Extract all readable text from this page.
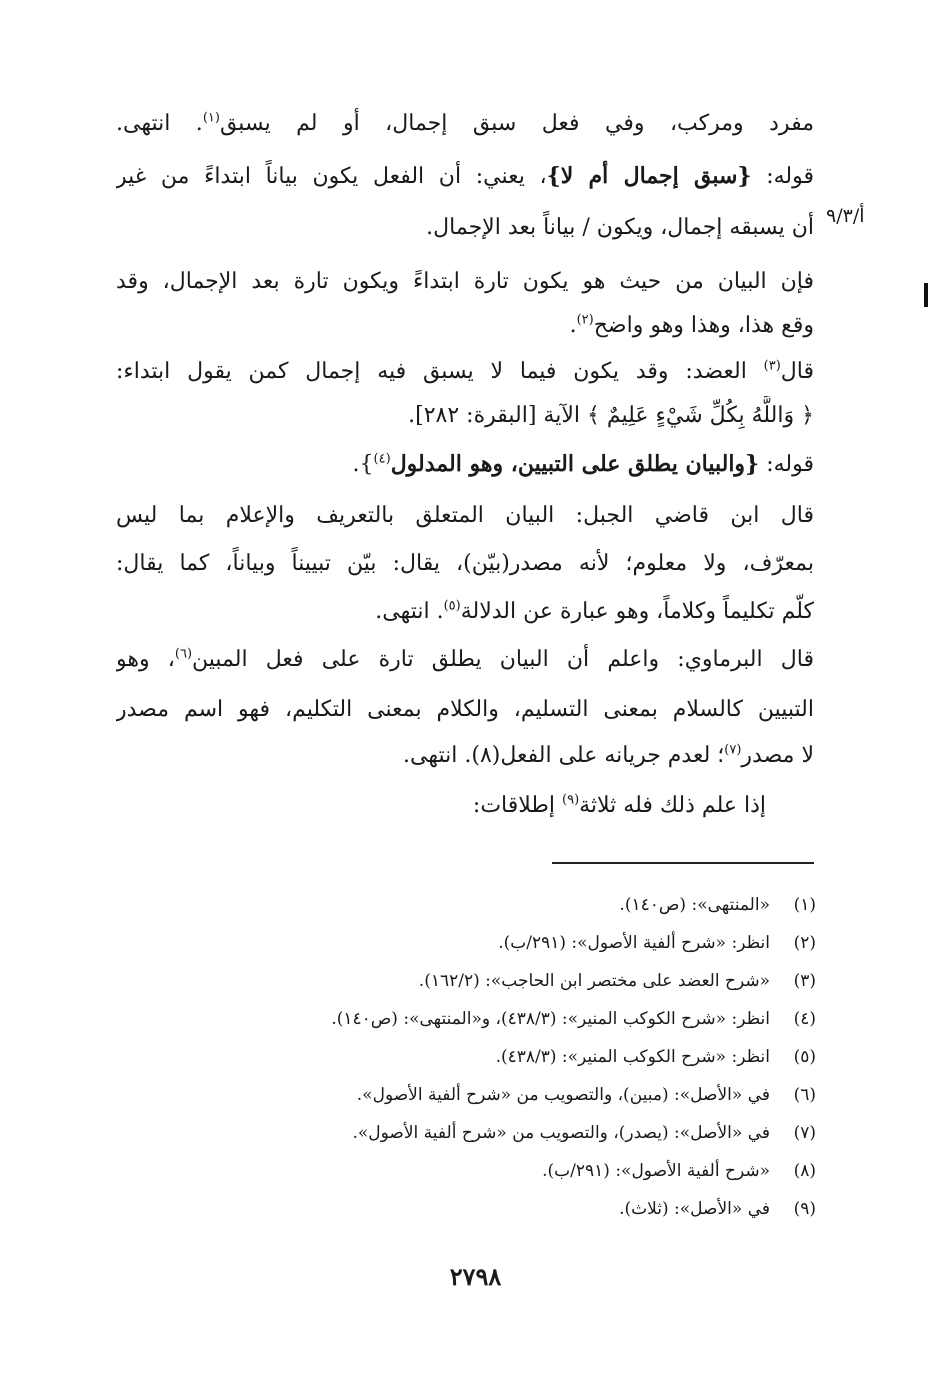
أ/٩/٣
مفرد ومركب، وفي فعل سبق إجمال، أو لم يسبق$^{(١)}$. انتهى.
قوله: {سبق إجمال أم لا}، يعني: أن الفعل يكون بياناً ابتداءً من غير
أن يسبقه إجمال، ويكون / بياناً بعد الإجمال.
فإن البيان من حيث هو يكون تارة ابتداءً ويكون تارة بعد الإجمال، وقد
وقع هذا، وهذا وهو واضح$^{(٢)}$.
قال$^{(٣)}$ العضد: وقد يكون فيما لا يسبق فيه إجمال كمن يقول ابتداء:
﴿ وَاللَّهُ بِكُلِّ شَيْءٍ عَلِيمٌ ﴾ الآية [البقرة: ٢٨٢].
قوله: {والبيان يطلق على التبيين، وهو المدلول$^{(٤)}$}.
قال ابن قاضي الجبل: البيان المتعلق بالتعريف والإعلام بما ليس
بمعرّف، ولا معلوم؛ لأنه مصدر(بيّن)، يقال: بيّن تبييناً وبياناً، كما يقال:
كلّم تكليماً وكلاماً، وهو عبارة عن الدلالة$^{(٥)}$. انتهى.
قال البرماوي: واعلم أن البيان يطلق تارة على فعل المبين$^{(٦)}$، وهو
التبيين كالسلام بمعنى التسليم، والكلام بمعنى التكليم، فهو اسم مصدر
لا مصدر$^{(٧)}$؛ لعدم جريانه على الفعل(٨). انتهى.
إذا علم ذلك فله ثلاثة$^{(٩)}$ إطلاقات:
(١)«المنتهى»: (ص١٤٠).
(٢)انظر: «شرح ألفية الأصول»: (٢٩١/ب).
(٣)«شرح العضد على مختصر ابن الحاجب»: (١٦٢/٢).
(٤)انظر: «شرح الكوكب المنير»: (٤٣٨/٣)، و«المنتهى»: (ص١٤٠).
(٥)انظر: «شرح الكوكب المنير»: (٤٣٨/٣).
(٦)في «الأصل»: (مبين)، والتصويب من «شرح ألفية الأصول».
(٧)في «الأصل»: (يصدر)، والتصويب من «شرح ألفية الأصول».
(٨)«شرح ألفية الأصول»: (٢٩١/ب).
(٩)في «الأصل»: (ثلاث).
٢٧٩٨
